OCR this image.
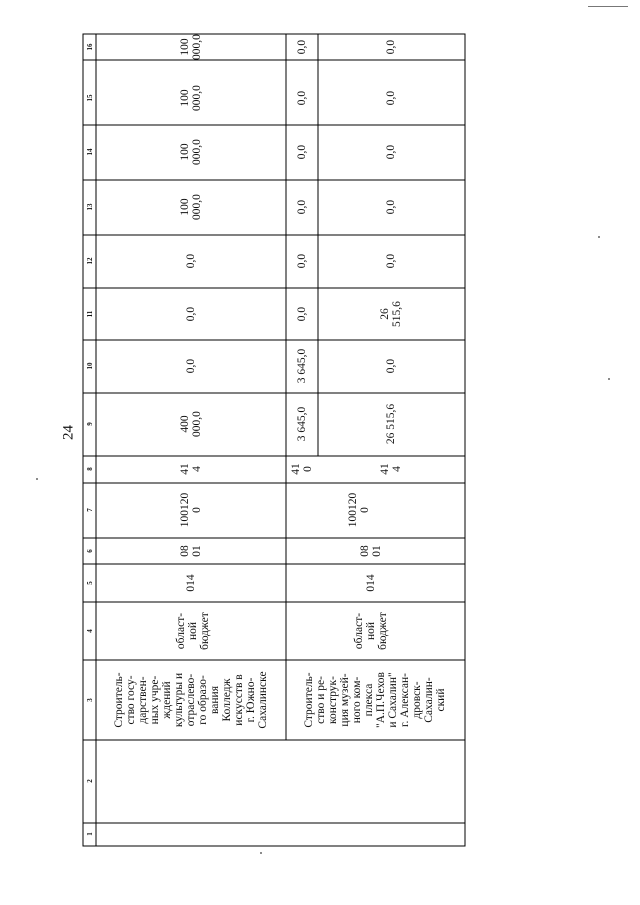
24
1
2
3
4
5
6
7
8
9
10
11
12
13
14
15
16
Строитель-
ство госу-
дарствен-
ных учре-
ждений
культуры и
отраслево-
го образо-
вания
Колледж
искусств в
г. Южно-
Сахалинске
област-
ной
бюджет
014
08
01
100120
0
41
4
400
000,0
0,0
0,0
0,0
100
000,0
100
000,0
100
000,0
100
000,0
Строитель-
ство и ре-
конструк-
ция музей-
ного ком-
плекса
"А.П.Чехов
и Сахалин"
г. Алексан-
дровск-
Сахалин-
ский
област-
ной
бюджет
014
08
01
100120
0
41
0
3 645,0
3 645,0
0,0
0,0
0,0
0,0
0,0
0,0
41
4
26 515,6
0,0
26
515,6
0,0
0,0
0,0
0,0
0,0
